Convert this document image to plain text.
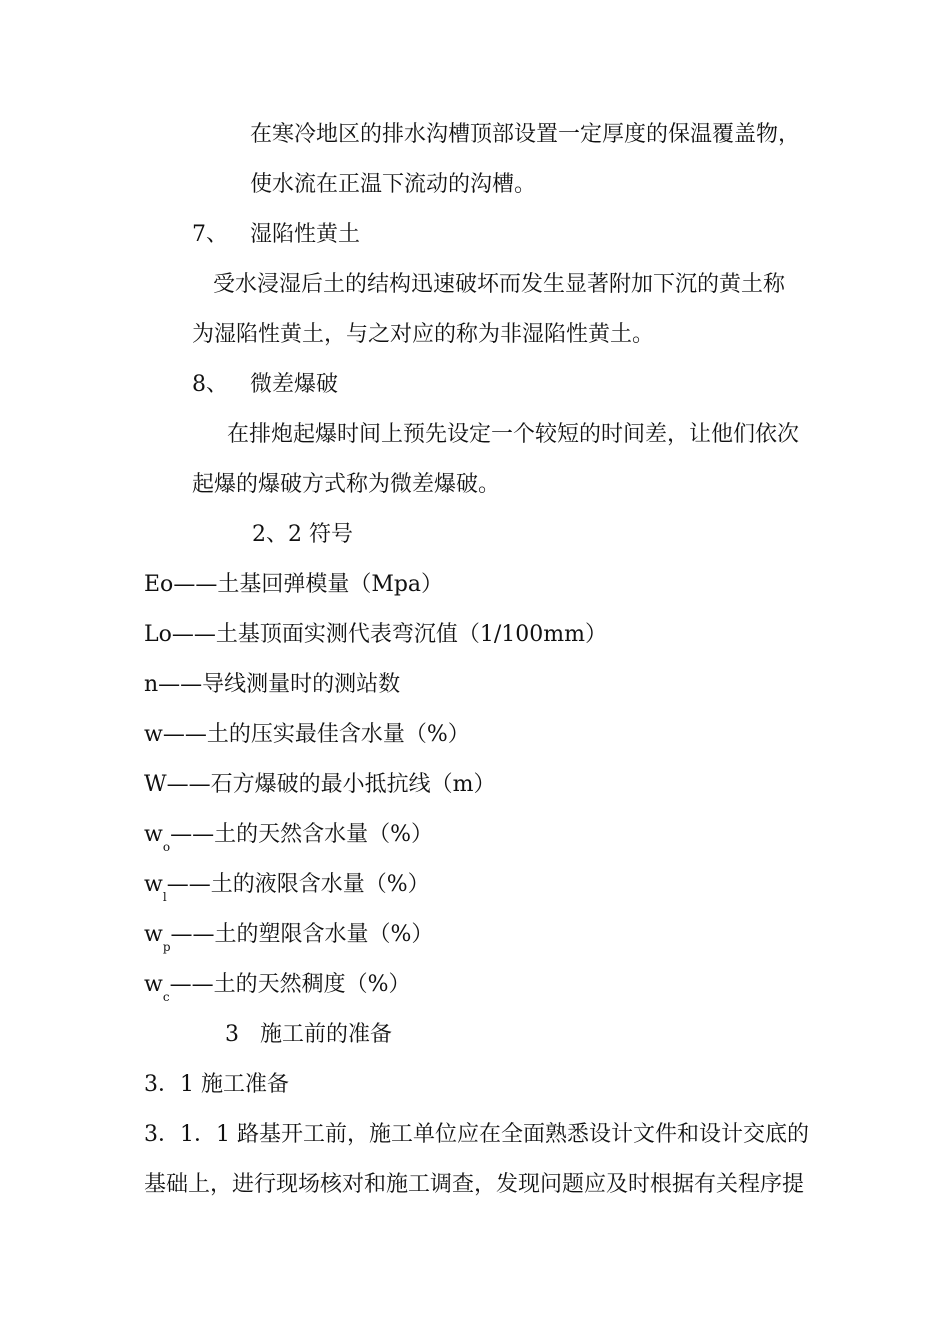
在寒冷地区的排水沟槽顶部设置一定厚度的保温覆盖物，
使水流在正温下流动的沟槽。
7、 湿陷性黄土
受水浸湿后土的结构迅速破坏而发生显著附加下沉的黄土称
为湿陷性黄土，与之对应的称为非湿陷性黄土。
8、 微差爆破
在排炮起爆时间上预先设定一个较短的时间差，让他们依次
起爆的爆破方式称为微差爆破。
2、2 符号
Eo——土基回弹模量（Mpa）
Lo——土基顶面实测代表弯沉值（1/100mm）
n——导线测量时的测站数
w——土的压实最佳含水量（%）
W——石方爆破的最小抵抗线（m）
$w_o——$土的天然含水量（%）
$w_l——$土的液限含水量（%）
$w_p——$土的塑限含水量（%）
$w_c——$土的天然稠度（%）
3   施工前的准备
3．1 施工准备
3．1．1 路基开工前，施工单位应在全面熟悉设计文件和设计交底的
基础上，进行现场核对和施工调查，发现问题应及时根据有关程序提
